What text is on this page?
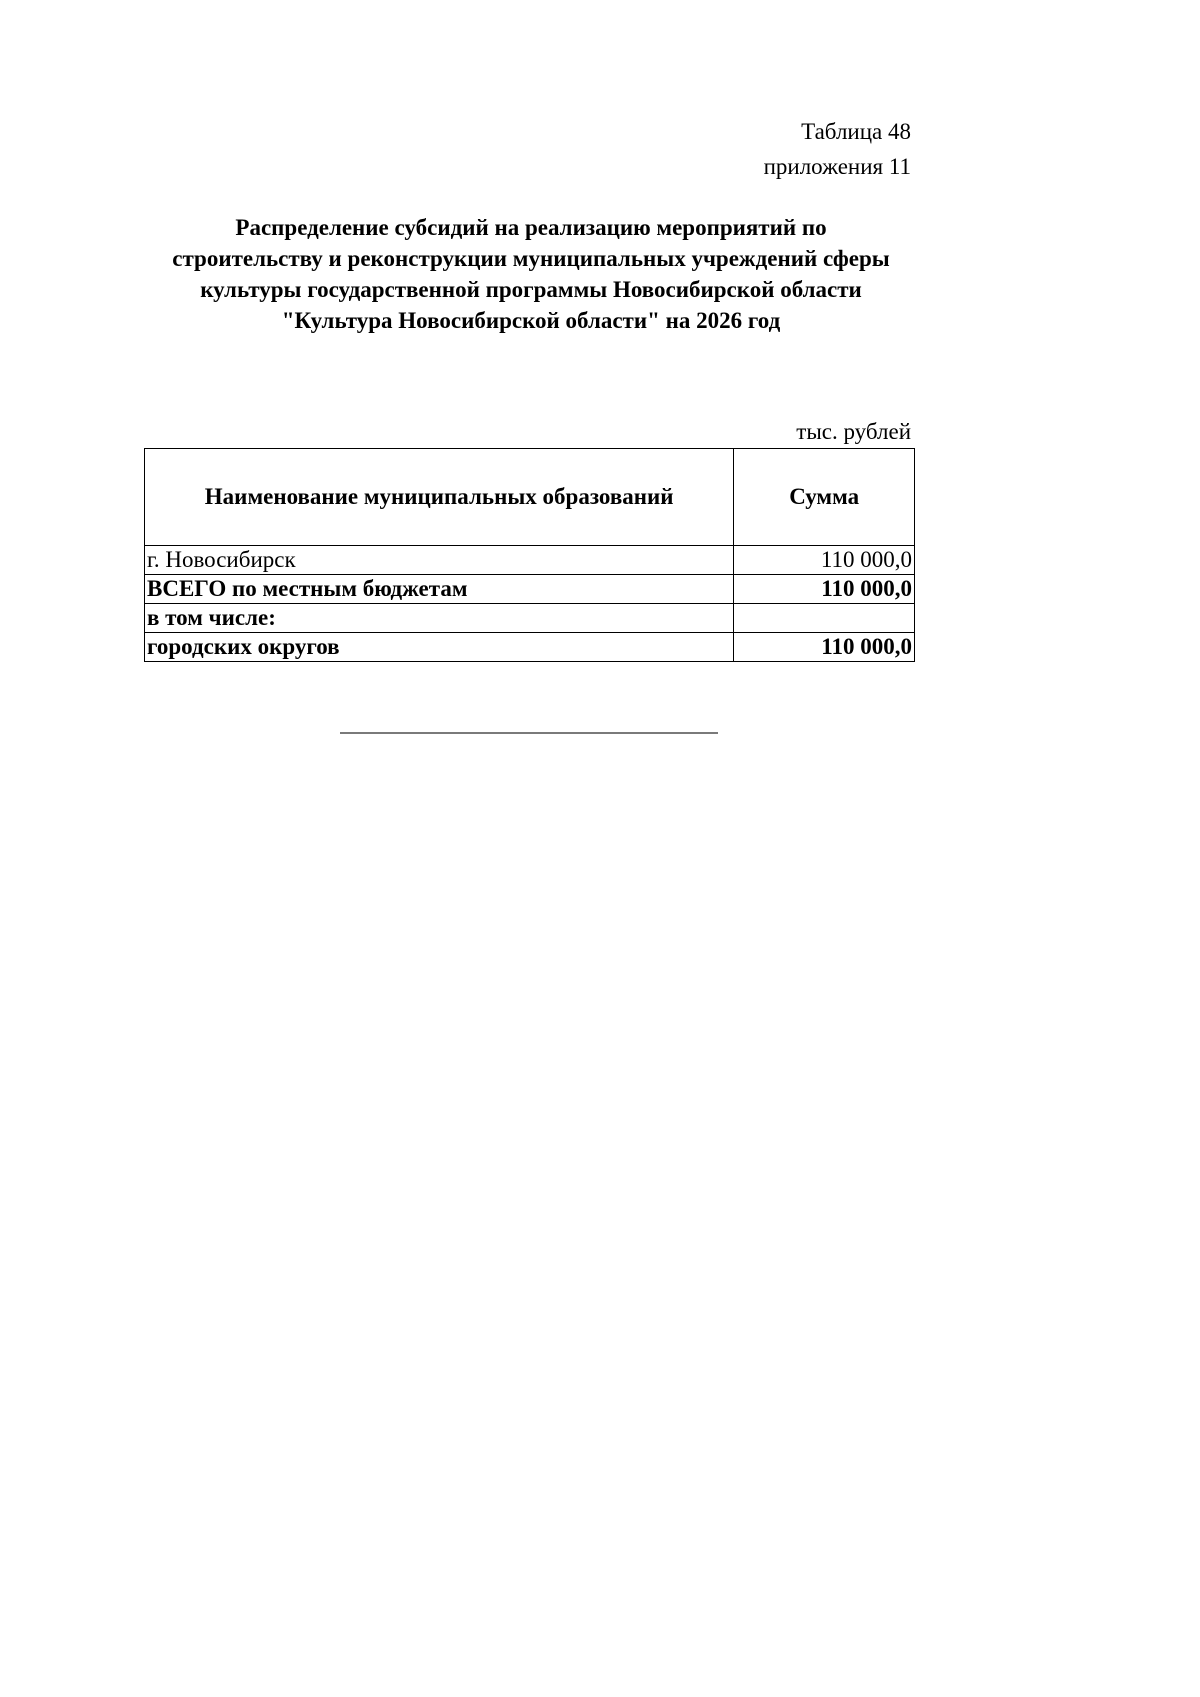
Таблица 48
приложения 11
Распределение субсидий на реализацию мероприятий по
строительству и реконструкции муниципальных учреждений сферы
культуры государственной программы Новосибирской области
"Культура Новосибирской области" на 2026 год
тыс. рублей
Наименование муниципальных образований	Сумма
г. Новосибирск	110 000,0
ВСЕГО по местным бюджетам	110 000,0
в том числе:	
городских округов	110 000,0
